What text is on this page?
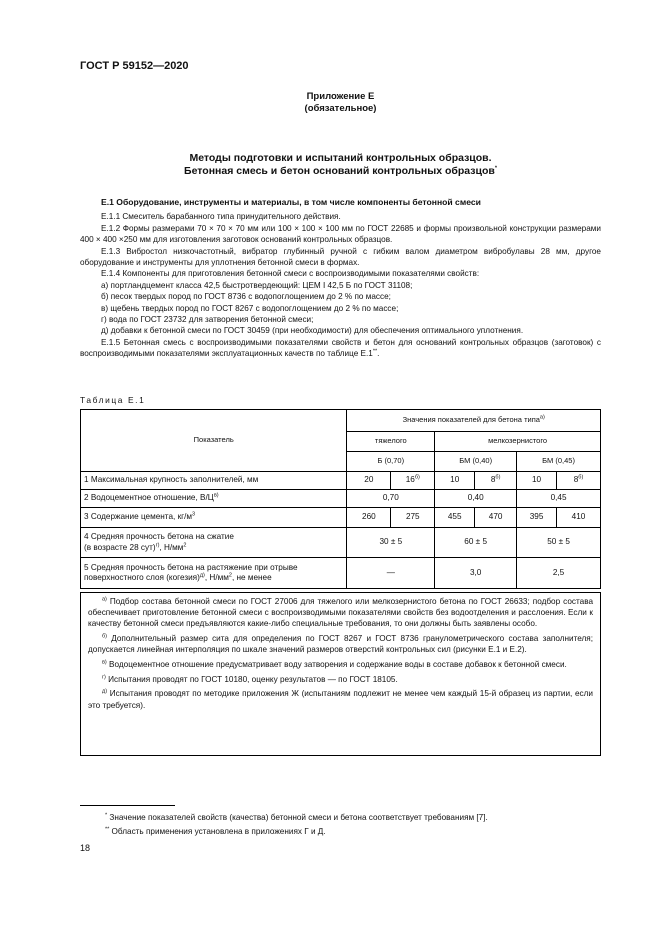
ГОСТ Р 59152—2020
Приложение Е
(обязательное)
Методы подготовки и испытаний контрольных образцов.
Бетонная смесь и бетон оснований контрольных образцов*

Е.1 Оборудование, инструменты и материалы, в том числе компоненты бетонной смеси

Е.1.1 Смеситель барабанного типа принудительного действия.

Е.1.2 Формы размерами 70 × 70 × 70 мм или 100 × 100 × 100 мм по ГОСТ 22685 и формы произвольной конструкции размерами 400 × 400 ×250 мм для изготовления заготовок оснований контрольных образцов.

Е.1.3 Вибростол низкочастотный, вибратор глубинный ручной с гибким валом диаметром вибробулавы 28 мм, другое оборудование и инструменты для уплотнения бетонной смеси в формах.

Е.1.4 Компоненты для приготовления бетонной смеси с воспроизводимыми показателями свойств:

а) портландцемент класса 42,5 быстротвердеющий: ЦЕМ I 42,5 Б по ГОСТ 31108;

б) песок твердых пород по ГОСТ 8736 с водопоглощением до 2 % по массе;

в) щебень твердых пород по ГОСТ 8267 с водопоглощением до 2 % по массе;

г) вода по ГОСТ 23732 для затворения бетонной смеси;

д) добавки к бетонной смеси по ГОСТ 30459 (при необходимости) для обеспечения оптимального уплотнения.

Е.1.5 Бетонная смесь с воспроизводимыми показателями свойств и бетон для оснований контрольных образцов (заготовок) с воспроизводимыми показателями эксплуатационных качеств по таблице Е.1**.

Таблица Е.1
Показатель	Значения показателей для бетона типа$^{а)}$
	тяжелого		мелкозернистого			
	Б (0,70)		БМ (0,40)		БМ (0,45)	
1 Максимальная крупность заполнителей, мм	20	$16^{б)}$	10	$8^{б)}$	10	$8^{б)}$
2 Водоцементное отношение, $В/Ц^{в)}$	0,70		0,40		0,45	
3 Содержание цемента, $кг/м^3$	260	275	455	470	395	410

4 Средняя прочность бетона на сжатие
(в возрасте 28 сут)$^{г)}$, $Н/мм^2$	30 ± 5		60 ± 5		50 ± 5	

5 Средняя прочность бетона на растяжение при отрыве
поверхностного слоя (когезия)$^{д)}$, $Н/мм^2$, не менее	—		3,0		2,5	

$^{а)}$ Подбор состава бетонной смеси по ГОСТ 27006 для тяжелого или мелкозернистого бетона по ГОСТ 26633; подбор состава обеспечивает приготовление бетонной смеси с воспроизводимыми показателями свойств без водоотделения и расслоения. Если к качеству бетонной смеси предъявляются какие-либо специальные требования, то они должны быть заявлены особо.

$^{б)}$ Дополнительный размер сита для определения по ГОСТ 8267 и ГОСТ 8736 гранулометрического состава заполнителя; допускается линейная интерполяция по шкале значений размеров отверстий контрольных сил (рисунки Е.1 и Е.2).

$^{в)}$ Водоцементное отношение предусматривает воду затворения и содержание воды в составе добавок к бетонной смеси.

$^{г)}$ Испытания проводят по ГОСТ 10180, оценку результатов — по ГОСТ 18105.

$^{д)}$ Испытания проводят по методике приложения Ж (испытаниям подлежит не менее чем каждый 15-й образец из партии, если это требуется).

* Значение показателей свойств (качества) бетонной смеси и бетона соответствует требованиям [7].
** Область применения установлена в приложениях Г и Д.
18
